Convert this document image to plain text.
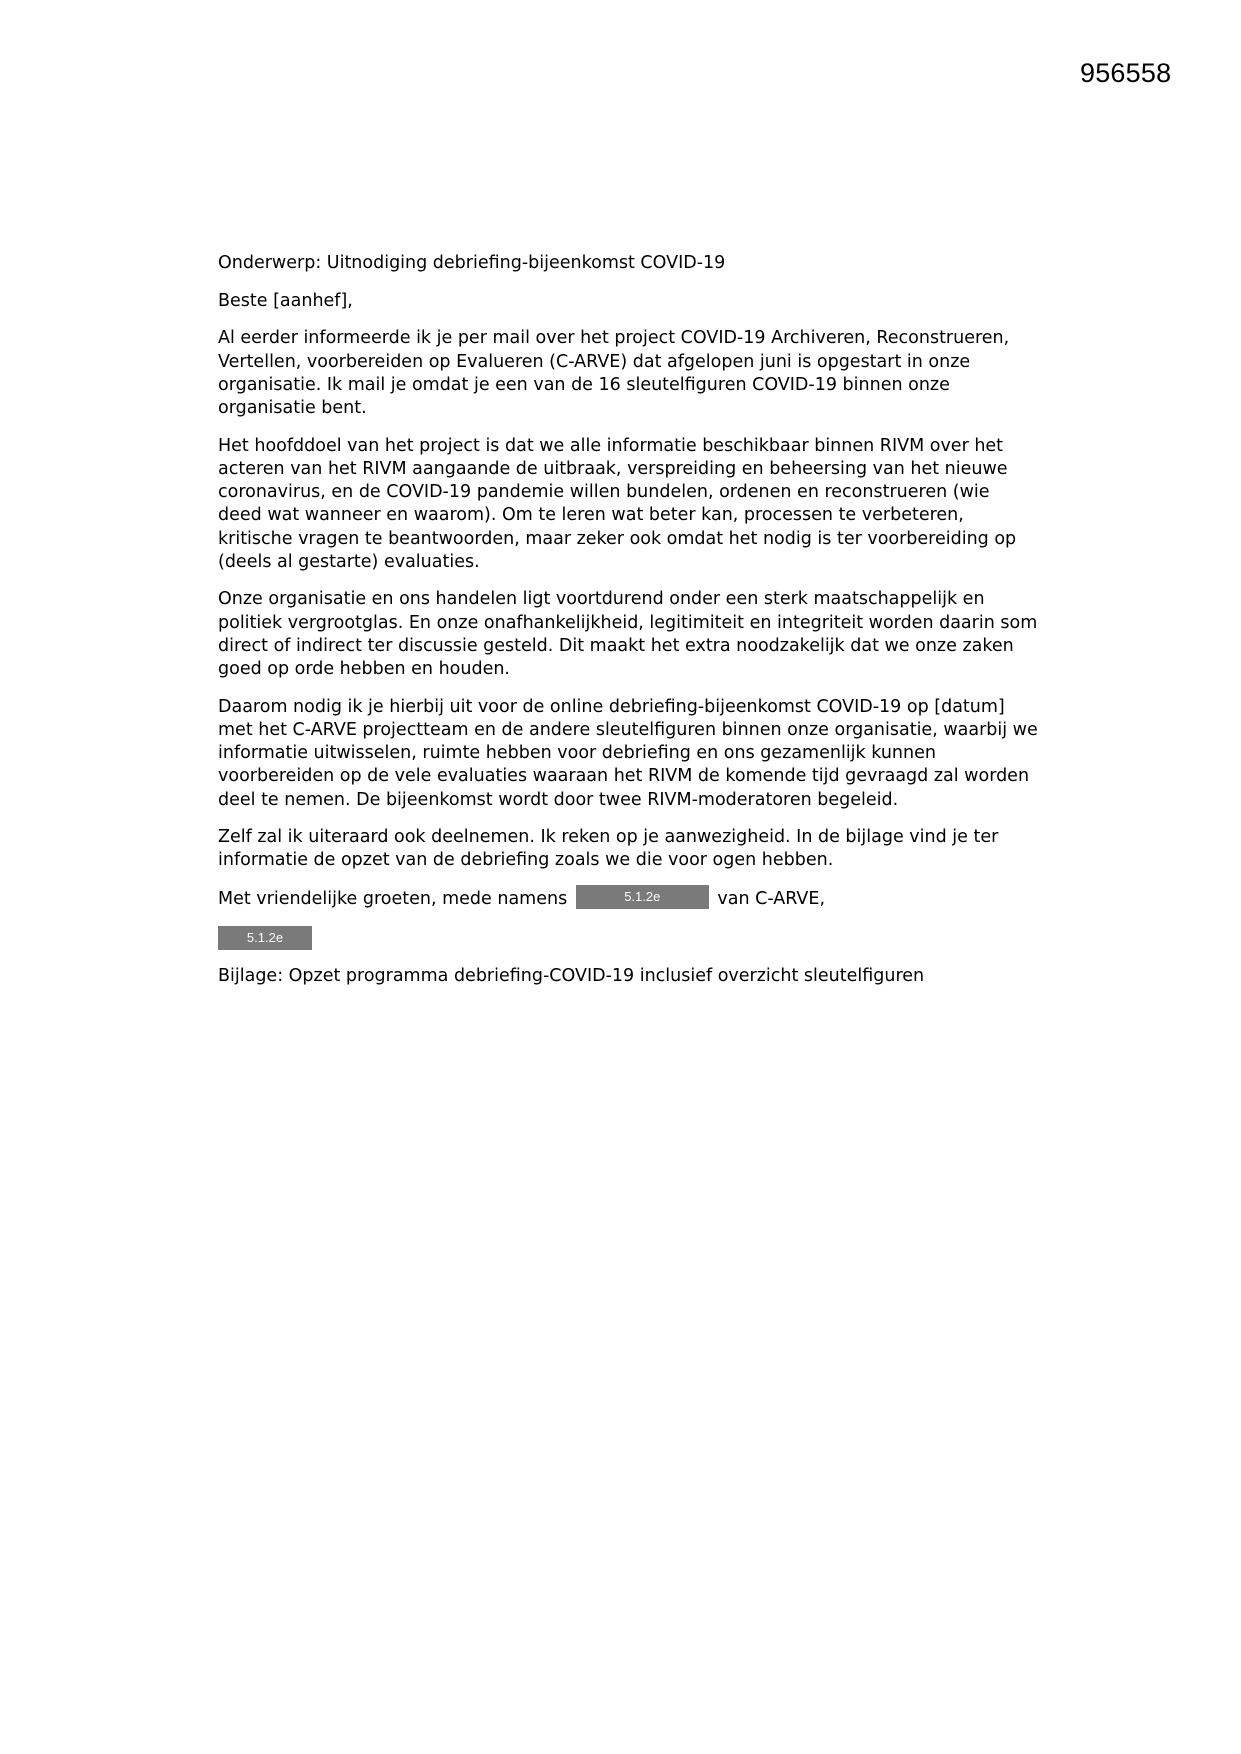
956558

Onderwerp: Uitnodiging debriefing-bijeenkomst COVID-19

Beste [aanhef],

Al eerder informeerde ik je per mail over het project COVID-19 Archiveren, Reconstrueren, Vertellen, voorbereiden op Evalueren (C-ARVE) dat afgelopen juni is opgestart in onze organisatie. Ik mail je omdat je een van de 16 sleutelfiguren COVID-19 binnen onze organisatie bent.

Het hoofddoel van het project is dat we alle informatie beschikbaar binnen RIVM over het acteren van het RIVM aangaande de uitbraak, verspreiding en beheersing van het nieuwe coronavirus, en de COVID-19 pandemie willen bundelen, ordenen en reconstrueren (wie deed wat wanneer en waarom). Om te leren wat beter kan, processen te verbeteren, kritische vragen te beantwoorden, maar zeker ook omdat het nodig is ter voorbereiding op (deels al gestarte) evaluaties.

Onze organisatie en ons handelen ligt voortdurend onder een sterk maatschappelijk en politiek vergrootglas. En onze onafhankelijkheid, legitimiteit en integriteit worden daarin som direct of indirect ter discussie gesteld. Dit maakt het extra noodzakelijk dat we onze zaken goed op orde hebben en houden.

Daarom nodig ik je hierbij uit voor de online debriefing-bijeenkomst COVID-19 op [datum] met het C-ARVE projectteam en de andere sleutelfiguren binnen onze organisatie, waarbij we informatie uitwisselen, ruimte hebben voor debriefing en ons gezamenlijk kunnen voorbereiden op de vele evaluaties waaraan het RIVM de komende tijd gevraagd zal worden deel te nemen. De bijeenkomst wordt door twee RIVM-moderatoren begeleid.

Zelf zal ik uiteraard ook deelnemen. Ik reken op je aanwezigheid. In de bijlage vind je ter informatie de opzet van de debriefing zoals we die voor ogen hebben.

Met vriendelijke groeten, mede namens	5.1.2e	van C-ARVE,

5.1.2e

Bijlage: Opzet programma debriefing-COVID-19 inclusief overzicht sleutelfiguren
